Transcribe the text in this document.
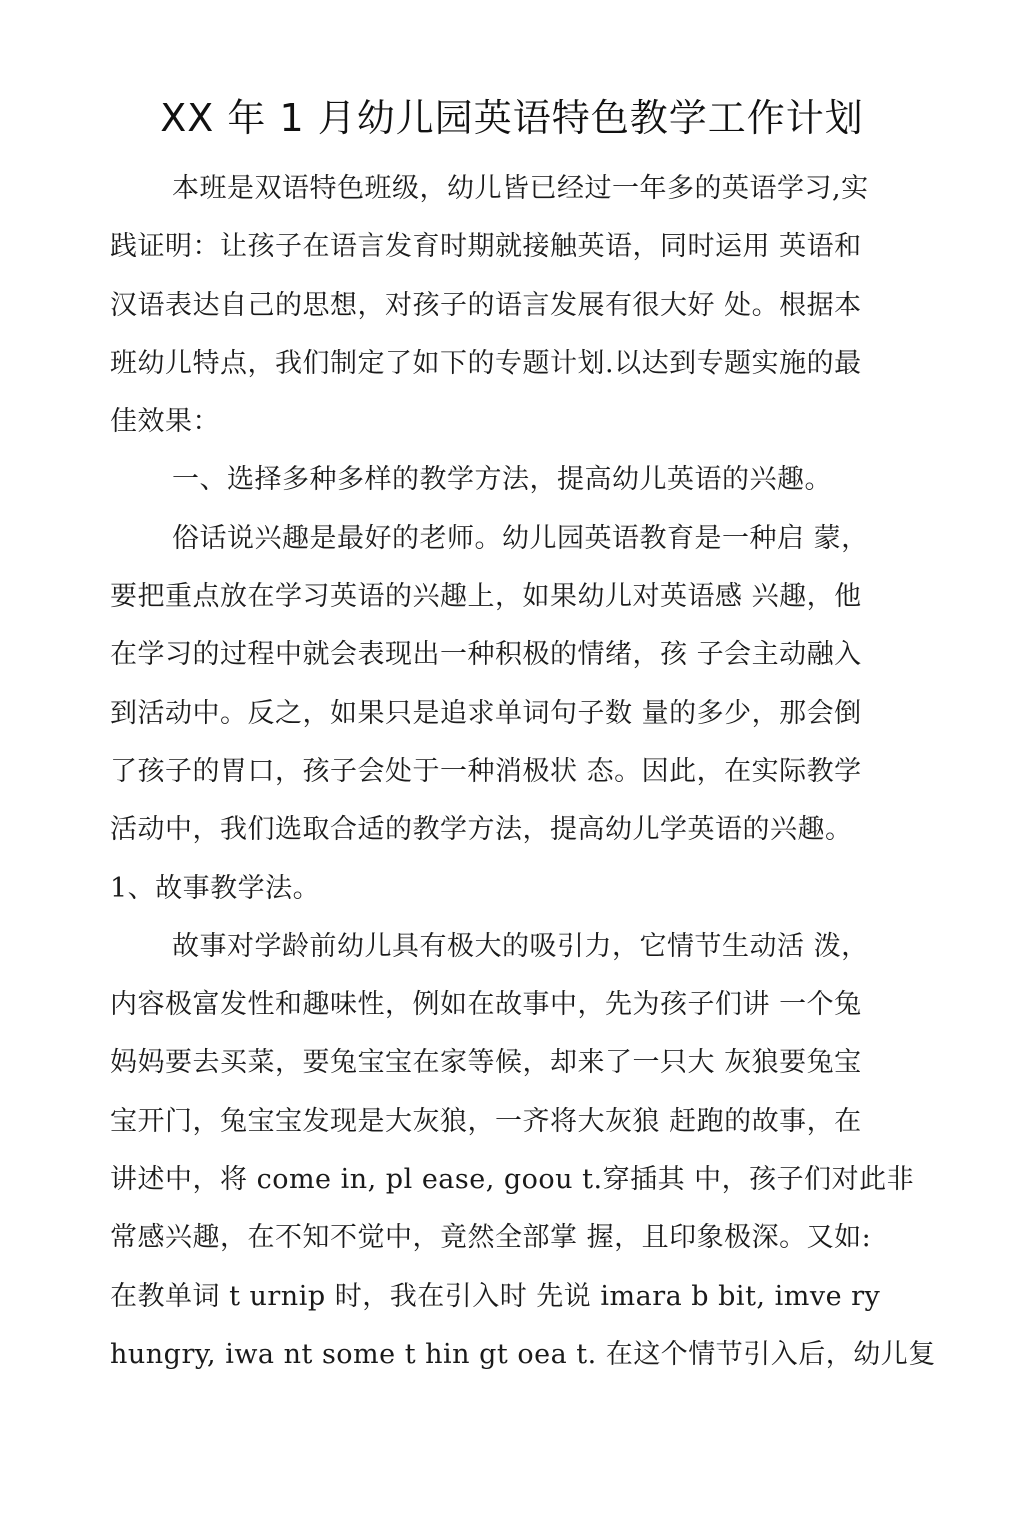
XX 年 1 月幼儿园英语特色教学工作计划
本班是双语特色班级，幼儿皆已经过一年多的英语学习,实
践证明：让孩子在语言发育时期就接触英语，同时运用 英语和
汉语表达自己的思想，对孩子的语言发展有很大好 处。根据本
班幼儿特点，我们制定了如下的专题计划.以达到专题实施的最
佳效果：
一、选择多种多样的教学方法，提高幼儿英语的兴趣。
俗话说兴趣是最好的老师。幼儿园英语教育是一种启 蒙，
要把重点放在学习英语的兴趣上，如果幼儿对英语感 兴趣，他
在学习的过程中就会表现出一种积极的情绪，孩 子会主动融入
到活动中。反之，如果只是追求单词句子数 量的多少，那会倒
了孩子的胃口，孩子会处于一种消极状 态。因此，在实际教学
活动中，我们选取合适的教学方法，提高幼儿学英语的兴趣。
1、故事教学法。
故事对学龄前幼儿具有极大的吸引力，它情节生动活 泼，
内容极富发性和趣味性，例如在故事中，先为孩子们讲 一个兔
妈妈要去买菜，要兔宝宝在家等候，却来了一只大 灰狼要兔宝
宝开门，兔宝宝发现是大灰狼，一齐将大灰狼 赶跑的故事，在
讲述中，将 come in, pl ease, goou t.穿插其 中，孩子们对此非
常感兴趣，在不知不觉中，竟然全部掌 握，且印象极深。又如:
在教单词 t urnip 时，我在引入时 先说 imara b bit, imve ry
hungry, iwa nt some t hin gt oea t. 在这个情节引入后，幼儿复
